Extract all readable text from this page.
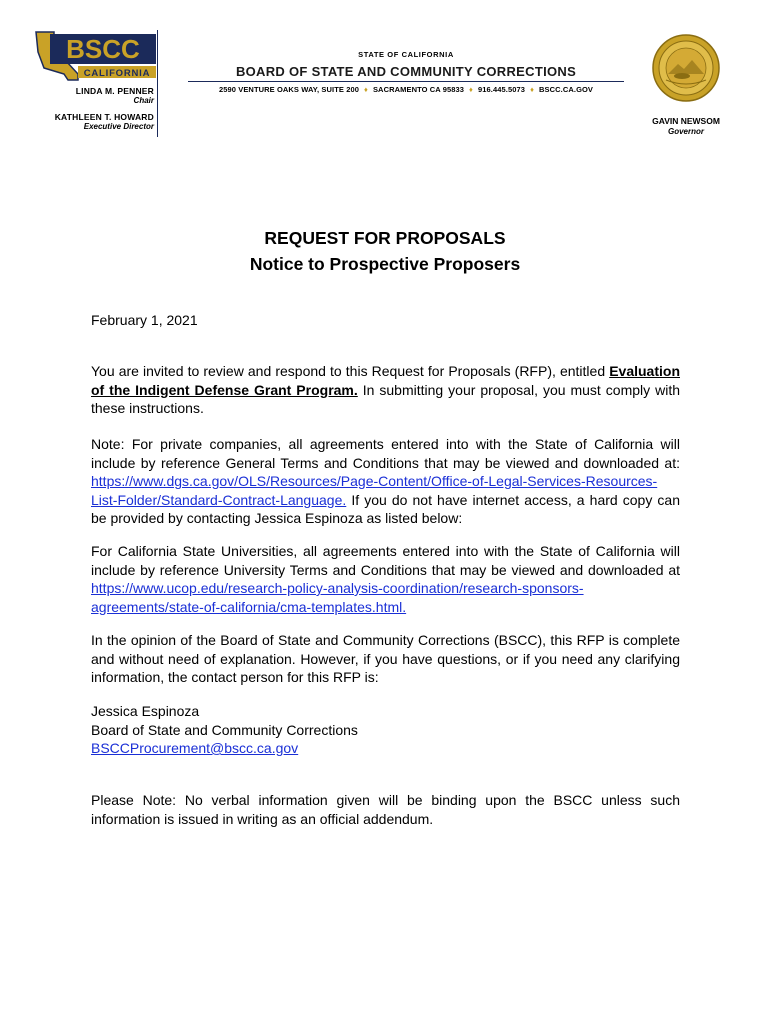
BSCC
CALIFORNIA
LINDA M. PENNER
Chair
KATHLEEN T. HOWARD
Executive Director
STATE OF CALIFORNIA
BOARD OF STATE AND COMMUNITY CORRECTIONS
2590 VENTURE OAKS WAY, SUITE 200 ♦ SACRAMENTO CA 95833 ♦ 916.445.5073 ♦ BSCC.CA.GOV
GAVIN NEWSOM
Governor
REQUEST FOR PROPOSALS
Notice to Prospective Proposers
February 1, 2021
You are invited to review and respond to this Request for Proposals (RFP), entitled Evaluation of the Indigent Defense Grant Program. In submitting your proposal, you must comply with these instructions.
Note: For private companies, all agreements entered into with the State of California will include by reference General Terms and Conditions that may be viewed and downloaded at: https://www.dgs.ca.gov/OLS/Resources/Page-Content/Office-of-Legal-Services-Resources-List-Folder/Standard-Contract-Language. If you do not have internet access, a hard copy can be provided by contacting Jessica Espinoza as listed below:
For California State Universities, all agreements entered into with the State of California will include by reference University Terms and Conditions that may be viewed and downloaded at https://www.ucop.edu/research-policy-analysis-coordination/research-sponsors-agreements/state-of-california/cma-templates.html.
In the opinion of the Board of State and Community Corrections (BSCC), this RFP is complete and without need of explanation. However, if you have questions, or if you need any clarifying information, the contact person for this RFP is:
Jessica Espinoza
Board of State and Community Corrections
BSCCProcurement@bscc.ca.gov
Please Note: No verbal information given will be binding upon the BSCC unless such information is issued in writing as an official addendum.
